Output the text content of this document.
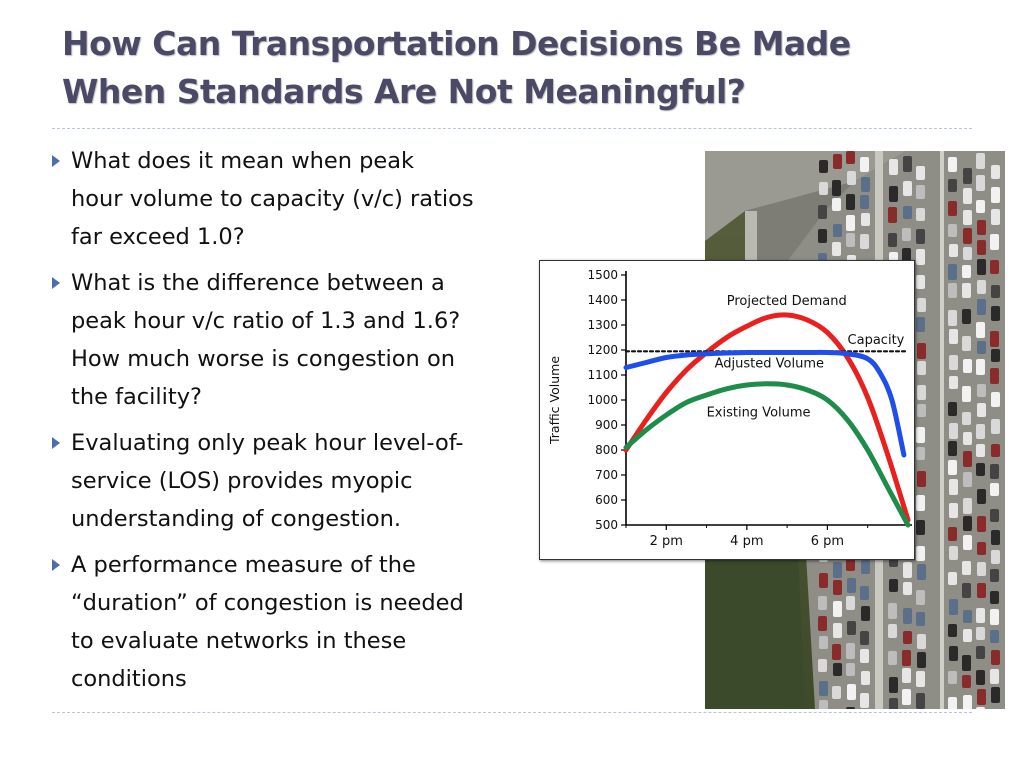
How Can Transportation Decisions Be Made
When Standards Are Not Meaningful?
What does it mean when peak
hour volume to capacity (v/c) ratios
far exceed 1.0?
What is the difference between a
peak hour v/c ratio of 1.3 and 1.6?
How much worse is congestion on
the facility?
Evaluating only peak hour level-of-
service (LOS) provides myopic
understanding of congestion.
A performance measure of the
“duration” of congestion is needed
to evaluate networks in these
conditions
500
600
700
800
900
1000
1100
1200
1300
1400
1500
2 pm	4 pm	6 pm
Traffic Volume
Projected Demand
Capacity
Adjusted Volume
Existing Volume
